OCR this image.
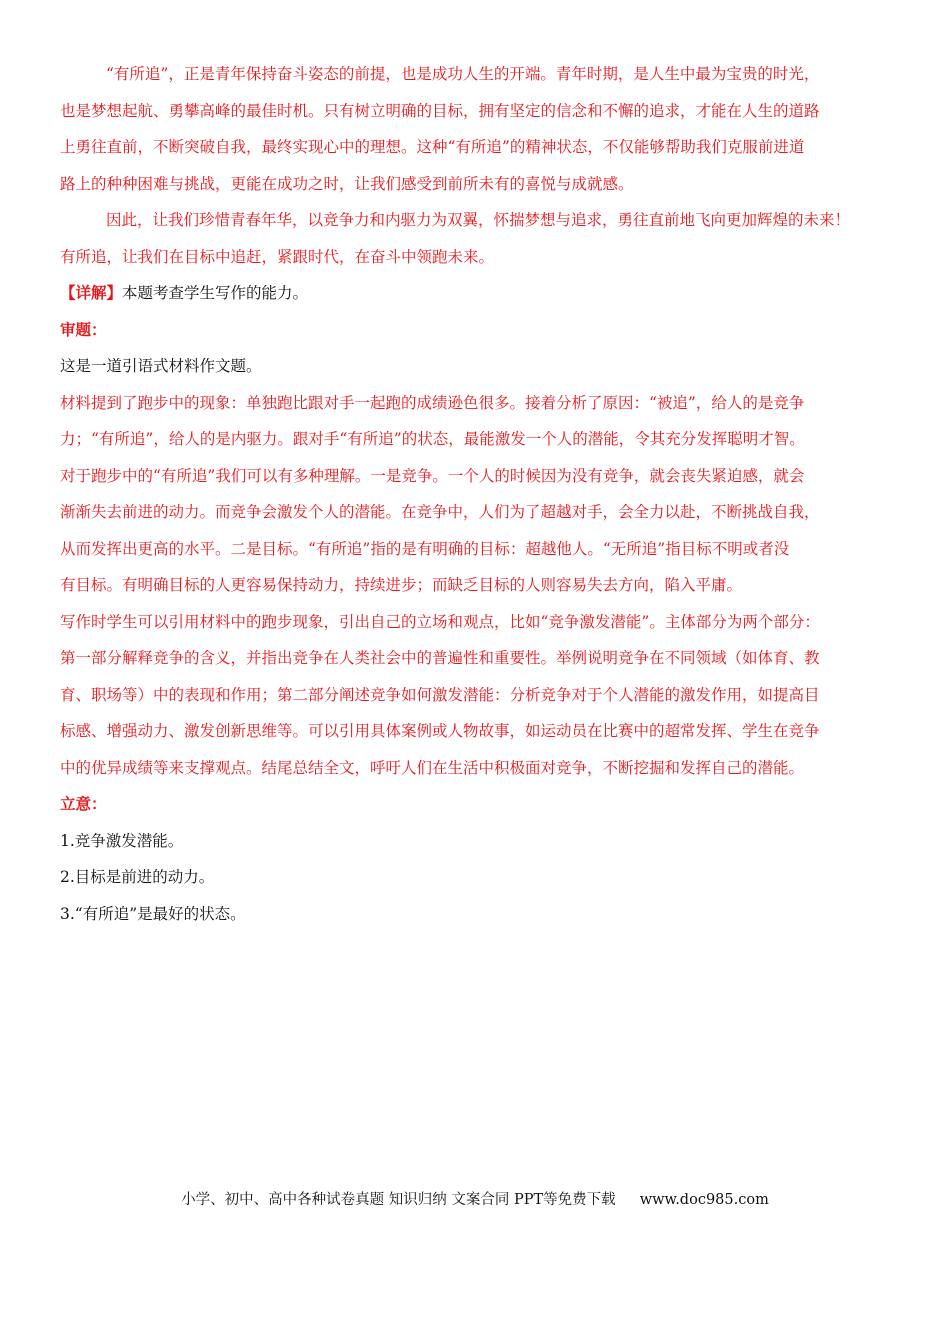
“有所追”，正是青年保持奋斗姿态的前提，也是成功人生的开端。青年时期，是人生中最为宝贵的时光，
也是梦想起航、勇攀高峰的最佳时机。只有树立明确的目标，拥有坚定的信念和不懈的追求，才能在人生的道路
上勇往直前，不断突破自我，最终实现心中的理想。这种“有所追”的精神状态，不仅能够帮助我们克服前进道
路上的种种困难与挑战，更能在成功之时，让我们感受到前所未有的喜悦与成就感。
因此，让我们珍惜青春年华，以竞争力和内驱力为双翼，怀揣梦想与追求，勇往直前地飞向更加辉煌的未来！
有所追，让我们在目标中追赶，紧跟时代，在奋斗中领跑未来。
【详解】本题考查学生写作的能力。
审题：
这是一道引语式材料作文题。
材料提到了跑步中的现象：单独跑比跟对手一起跑的成绩逊色很多。接着分析了原因：“被追”，给人的是竞争
力；“有所追”，给人的是内驱力。跟对手“有所追”的状态，最能激发一个人的潜能，令其充分发挥聪明才智。
对于跑步中的“有所追”我们可以有多种理解。一是竞争。一个人的时候因为没有竞争，就会丧失紧迫感，就会
渐渐失去前进的动力。而竞争会激发个人的潜能。在竞争中，人们为了超越对手，会全力以赴，不断挑战自我，
从而发挥出更高的水平。二是目标。“有所追”指的是有明确的目标：超越他人。“无所追”指目标不明或者没
有目标。有明确目标的人更容易保持动力，持续进步；而缺乏目标的人则容易失去方向，陷入平庸。
写作时学生可以引用材料中的跑步现象，引出自己的立场和观点，比如“竞争激发潜能”。主体部分为两个部分：
第一部分解释竞争的含义，并指出竞争在人类社会中的普遍性和重要性。举例说明竞争在不同领域（如体育、教
育、职场等）中的表现和作用；第二部分阐述竞争如何激发潜能：分析竞争对于个人潜能的激发作用，如提高目
标感、增强动力、激发创新思维等。可以引用具体案例或人物故事，如运动员在比赛中的超常发挥、学生在竞争
中的优异成绩等来支撑观点。结尾总结全文，呼吁人们在生活中积极面对竞争，不断挖掘和发挥自己的潜能。
立意：
1.竞争激发潜能。
2.目标是前进的动力。
3.“有所追”是最好的状态。
小学、初中、高中各种试卷真题 知识归纳 文案合同 PPT等免费下载 www.doc985.com
